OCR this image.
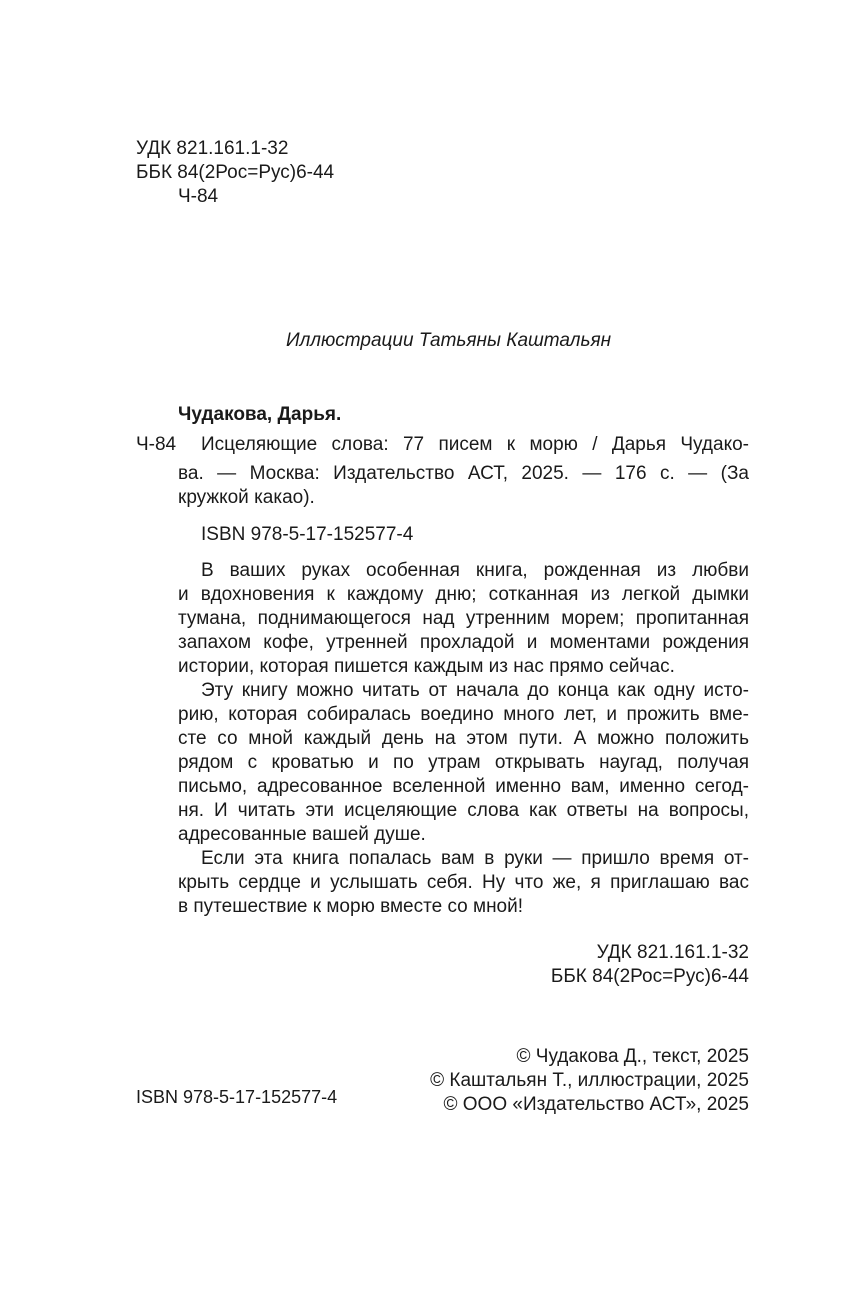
УДК 821.161.1-32
ББК 84(2Рос=Рус)6-44
Ч-84
Иллюстрации Татьяны Каштальян
Чудакова, Дарья.
Ч-84 Исцеляющие слова: 77 писем к морю / Дарья Чудако-
ва. — Москва: Издательство АСТ, 2025. — 176 с. — (За
кружкой какао).
ISBN 978-5-17-152577-4
В ваших руках особенная книга, рожденная из любви
и вдохновения к каждому дню; сотканная из легкой дымки
тумана, поднимающегося над утренним морем; пропитанная
запахом кофе, утренней прохладой и моментами рождения
истории, которая пишется каждым из нас прямо сейчас.
Эту книгу можно читать от начала до конца как одну исто-
рию, которая собиралась воедино много лет, и прожить вме-
сте со мной каждый день на этом пути. А можно положить
рядом с кроватью и по утрам открывать наугад, получая
письмо, адресованное вселенной именно вам, именно сегод-
ня. И читать эти исцеляющие слова как ответы на вопросы,
адресованные вашей душе.
Если эта книга попалась вам в руки — пришло время от-
крыть сердце и услышать себя. Ну что же, я приглашаю вас
в путешествие к морю вместе со мной!
УДК 821.161.1-32
ББК 84(2Рос=Рус)6-44
© Чудакова Д., текст, 2025
© Каштальян Т., иллюстрации, 2025
© ООО «Издательство АСТ», 2025
ISBN 978-5-17-152577-4
